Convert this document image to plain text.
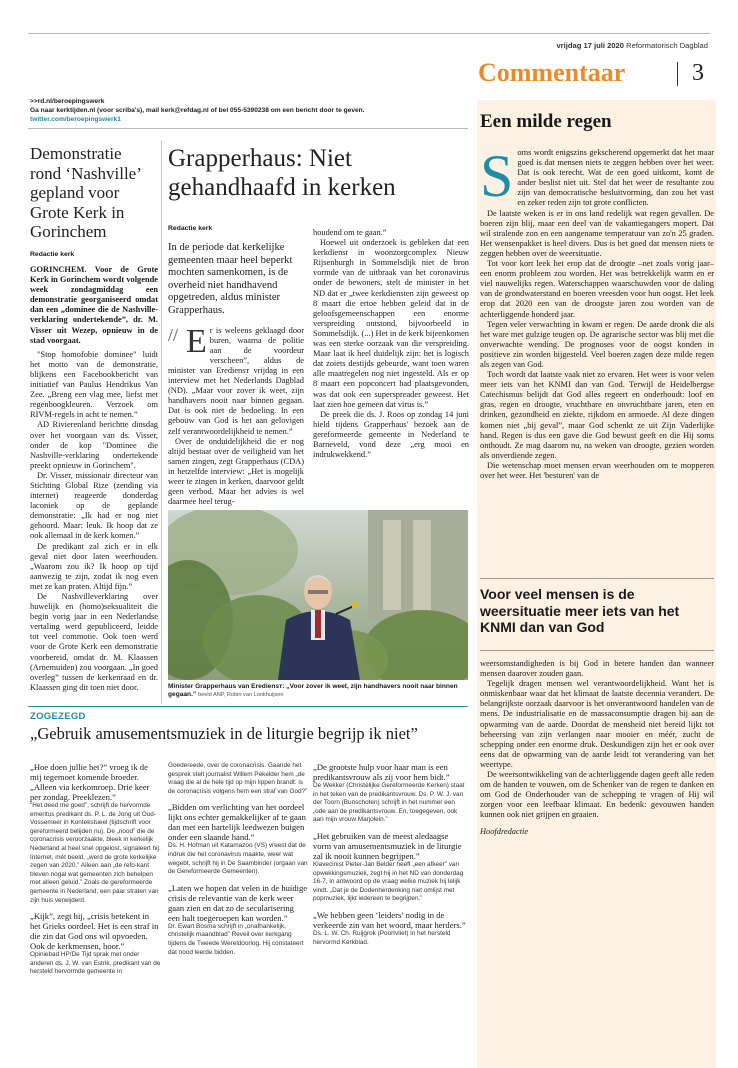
vrijdag 17 juli 2020 Reformatorisch Dagblad
Commentaar	3
>>rd.nl/beroepingswerk
Ga naar kerktijden.nl (voor scriba's), mail kerk@refdag.nl of bel 055-5390238 om een bericht door te geven.
twitter.com/beroepingswerk1
Demonstratie rond ‘Nashville’ gepland voor Grote Kerk in Gorinchem
Redactie kerk

GORINCHEM. Voor de Grote Kerk in Gorinchem wordt volgende week zondagmiddag een demonstratie georganiseerd omdat dan een „dominee die de Nashville-verklaring ondertekende”, dr. M. Visser uit Wezep, opnieuw in de stad voorgaat.

"Stop homofobie dominee" luidt het motto van de demonstratie, blijkens een Facebookbericht van initiatief van Paulus Hendrikus Van Zee. „Breng een vlag mee, liefst met regenboogkleuren. Verzoek om RIVM-regels in acht te nemen.”

AD Rivierenland berichtte dinsdag over het voorgaan van ds. Visser, onder de kop "Dominee die Nashville-verklaring ondertekende preekt opnieuw in Gorinchem".

Dr. Visser, missionair directeur van Stichting Global Rize (zending via internet) reageerde donderdag laconiek op de geplande demonstratie: „Ik had er nog niet gehoord. Maar: leuk. Ik hoop dat ze ook allemaal in de kerk komen.”

De predikant zal zich er in elk geval niet door laten weerhouden. „Waarom zou ik? Ik hoop op tijd aanwezig te zijn, zodat ik nog even met ze kan praten. Altijd fijn.”

De Nashvilleverklaring over huwelijk en (homo)seksualiteit die begin vorig jaar in een Nederlandse vertaling werd gepubliceerd, leidde tot veel commotie. Ook toen werd voor de Grote Kerk een demonstratie voorbereid, omdat dr. M. Klaassen (Arnemuiden) zou voorgaan. „In goed overleg” tussen de kerkenraad en dr. Klaassen ging dit toen niet door.

Grapperhaus: Niet gehandhaafd in kerken
Redactie kerk

In de periode dat kerkelijke gemeenten maar heel beperkt mochten samenkomen, is de overheid niet handhavend opgetreden, aldus minister Grapperhaus.

// E r is weleens geklaagd door buren, waarna de politie aan de voordeur verscheen”, aldus de minister van Erediensт vrijdag in een interview met het Nederlands Dagblad (ND). „Maar voor zover ik weet, zijn handhavers nooit naar binnen gegaan. Dat is ook niet de bedoeling. In een gebouw van God is het aan gelovigen zelf verantwoordelijkheid te nemen.”

Over de onduidelijkheid die er nog altijd bestaat over de veiligheid van het samen zingen, zegt Grapperhaus (CDA) in hetzelfde interview: „Het is mogelijk weer te zingen in kerken, daarvoor geldt geen verbod. Maar het advies is wel daarmee heel terug-

houdend om te gaan.”

Hoewel uit onderzoek is gebleken dat een kerkdienst in woonzorgcomplex Nieuw Rijsenburgh in Sommelsdijk niet de bron vormde van de uitbraak van het coronavirus onder de bewoners, stelt de minister in het ND dat er „twee kerkdiensten zijn geweest op 8 maart die ertoe hebben geleid dat in de geloofsgemeenschappen een enorme verspreiding ontstond, bijvoorbeeld in Sommelsdijk. (...) Het in de kerk bijeenkomen was een sterke oorzaak van die verspreiding. Maar laat ik heel duidelijk zijn: het is logisch dat zoiets destijds gebeurde, want toen waren alle maatregelen nog niet ingesteld. Als er op 8 maart een popconcert had plaatsgevonden, was dat ook een superspreader geweest. Het laat zien hoe gemeen dat virus is.”

De preek die ds. J. Roos op zondag 14 juni hield tijdens Grapperhaus' bezoek aan de gereformeerde gemeente in Nederland te Barneveld, vond deze „erg mooi en indrukwekkend.”

Minister Grapperhaus van Erediensт: „Voor zover ik weet, zijn handhavers nooit naar binnen gegaan.” beeld ANP, Robin van Lonkhuijsen
ZOGEZEGD
„Gebruik amusementsmuziek in de liturgie begrijp ik niet”

„Hoe doen jullie het?” vroeg ik de mij tegemoet komende broeder. „Alleen via kerkomroep. Drie keer per zondag. Preeklezen.”

"Het deed me goed", schrijft de hervormde emeritus predikant ds. P. L. de Jong uit Oud-Vossemeer in Kontekstueel (tijdschrift voor gereformeerd belijden nu). De „nood” die de coronacrisis veroorzaakte, bleek in kerkelijk Nederland al heel snel opgelost, signaleert hij. Internet, mét beeld, „werd de grote kerkelijke zegen van 2020.” Alleen aan „de refo-kant bleven nogal wat gemeenten zich behelpen met alleen geluid.” Zoals de gereformeerde gemeente in Nederland, een paar straten van zijn huis verwijderd.

„Kijk”, zegt hij, „crisis betekent in het Grieks oordeel. Het is een straf in die zin dat God ons wil opvoeden. Ook de kerkmensen, hoor.”

Opiniebad HP/De Tijd sprak met onder anderen ds. J. W. van Estrik, predikant van de hersteld hervormde gemeente in

Goedereede, over de coronacrisis. Gaande het gesprek stelt journalist Willem Pekelder hem „de vraag die al de hele tijd op mijn lippen brandt: is de coronacrisis volgens hem een straf van God?”

„Bidden om verlichting van het oordeel lijkt ons echter gemakkelijker af te gaan dan met een hartelijk leedwezen buigen onder een slaande hand.”

Ds. H. Hofman uit Katamazoo (VS) vreest dat de indruk die het coronavirus maakte, weer wat wegebt, schrijft hij in De Saambinder (orgaan van de Gereformeerde Gemeenten).

„Laten we hopen dat velen in de huidige crisis de relevantie van de kerk weer gaan zien en dat zo de secularisering een halt toegeroepen kan worden.”

Dr. Ewart Bosma schrijft in „onafhankelijk, christelijk maandblad” Reveil over kerkgang tijdens de Tweede Wereldoorlog. Hij constateert dat nood leerde bidden.

„De grootste hulp voor haar man is een predikantsvrouw als zij voor hem bidt.”

De Wekker (Christelijke Gereformeerde Kerken) staat in het teken van de predikantsvrouw. Ds. P. W. J. van der Toorn (Bunschoten) schrijft in het nummer een „ode aan de predikantsvrouw. En, toegegeven, ook aan mijn vrouw Marjolein.”

„Het gebruiken van de meest aledaagse vorm van amusementsmuziek in de liturgie zal ik nooit kunnen begrijpen.”

Klavecinist Pieter-Jan Belder heeft „een afkeer” van opwekkingsmuziek, zegt hij in het ND van donderdag 16-7, in antwoord op de vraag welke muziek hij lelijk vindt. „Dat je de Dodenherdenking niet omlijst met popmuziek, lijkt iedereen te begrijpen.”

„We hebben geen ‘leiders’ nodig in de verkeerde zin van het woord, maar herders.”

Ds. L. W. Ch. Ruijgrok (Poortvliet) in het hersteld hervormd Kerkblad.

Een milde regen
S oms wordt enigszins gekscherend opgemerkt dat het maar goed is dat mensen niets te zeggen hebben over het weer. Dat is ook terecht. Wat de een goed uitkomt, komt de ander beslist niet uit. Stel dat het weer de resultante zou zijn van democratische besluitvorming, dan zou het vast en zeker reden zijn tot grote conflicten.

De laatste weken is er in ons land redelijk wat regen gevallen. De boeren zijn blij, maar een deel van de vakantiegangers mopert. Dat wil stralende zon en een aangename temperatuur van zo'n 25 graden. Het wensenpakket is heel divers. Dus is het goed dat mensen niets te zeggen hebben over de weersituatie.

Tot voor kort leek het erop dat de droogte –net zoals vorig jaar– een enorm probleem zou worden. Het was betrekkelijk warm en er viel nauwelijks regen. Waterschappen waarschuwden voor de daling van de grondwaterstand en boeren vreesden voor hun oogst. Het leek erop dat 2020 een van de droogste jaren zou worden van de achterliggende honderd jaar.

Tegen veler verwachting in kwam er regen. De aarde dronk die als het ware met gulzige teugen op. De agrarische sector was blij met die onverwachte wending. De prognoses voor de oogst konden in positieve zin worden bijgesteld. Veel boeren zagen deze milde regen als zegen van God.

Toch wordt dat laatste vaak niet zo ervaren. Het weer is voor velen meer iets van het KNMI dan van God. Terwijl de Heidelbergse Catechismus belijdt dat God alles regeert en onderhoudt: loof en gras, regen en droogte, vruchtbare en onvruchtbare jaren, eten en drinken, gezondheid en ziekte, rijkdom en armoede. Al deze dingen komen niet „bij geval”, maar God schenkt ze uit Zijn Vaderlijke hand. Regen is dus een gave die God bewust geeft en die Hij soms onthoudt. Ze mag daarom nu, na weken van droogte, gezien worden als onverdiende zegen.

Die wetenschap moet mensen ervan weerhouden om te mopperen over het weer. Het 'besturen' van de

Voor veel mensen is de weersituatie meer iets van het KNMI dan van God

weersomstandigheden is bij God in betere handen dan wanneer mensen daarover zouden gaan.

Tegelijk dragen mensen wel verantwoordelijkheid. Want het is onmiskenbaar waar dat het klimaat de laatste decennia verandert. De belangrijkste oorzaak daarvoor is het onverantwoord handelen van de mens. De industrialisatie en de massaconsumptie dragen bij aan de opwarming van de aarde. Doordat de mensheid niet bereid lijkt tot beheersing van zijn verlangen naar mooier en méér, zucht de schepping onder een enorme druk. Deskundigen zijn het er ook over eens dat de opwarming van de aarde leidt tot verandering van het weertype.

De weersontwikkeling van de achterliggende dagen geeft alle reden om de handen te vouwen, om de Schenker van de regen te danken en om God de Onderhouder van de schepping te vragen of Hij wil zorgen voor een leefbaar klimaat. En bedenk: gevouwen handen kunnen ook niet grijpen en graaien.

Hoofdredactie
